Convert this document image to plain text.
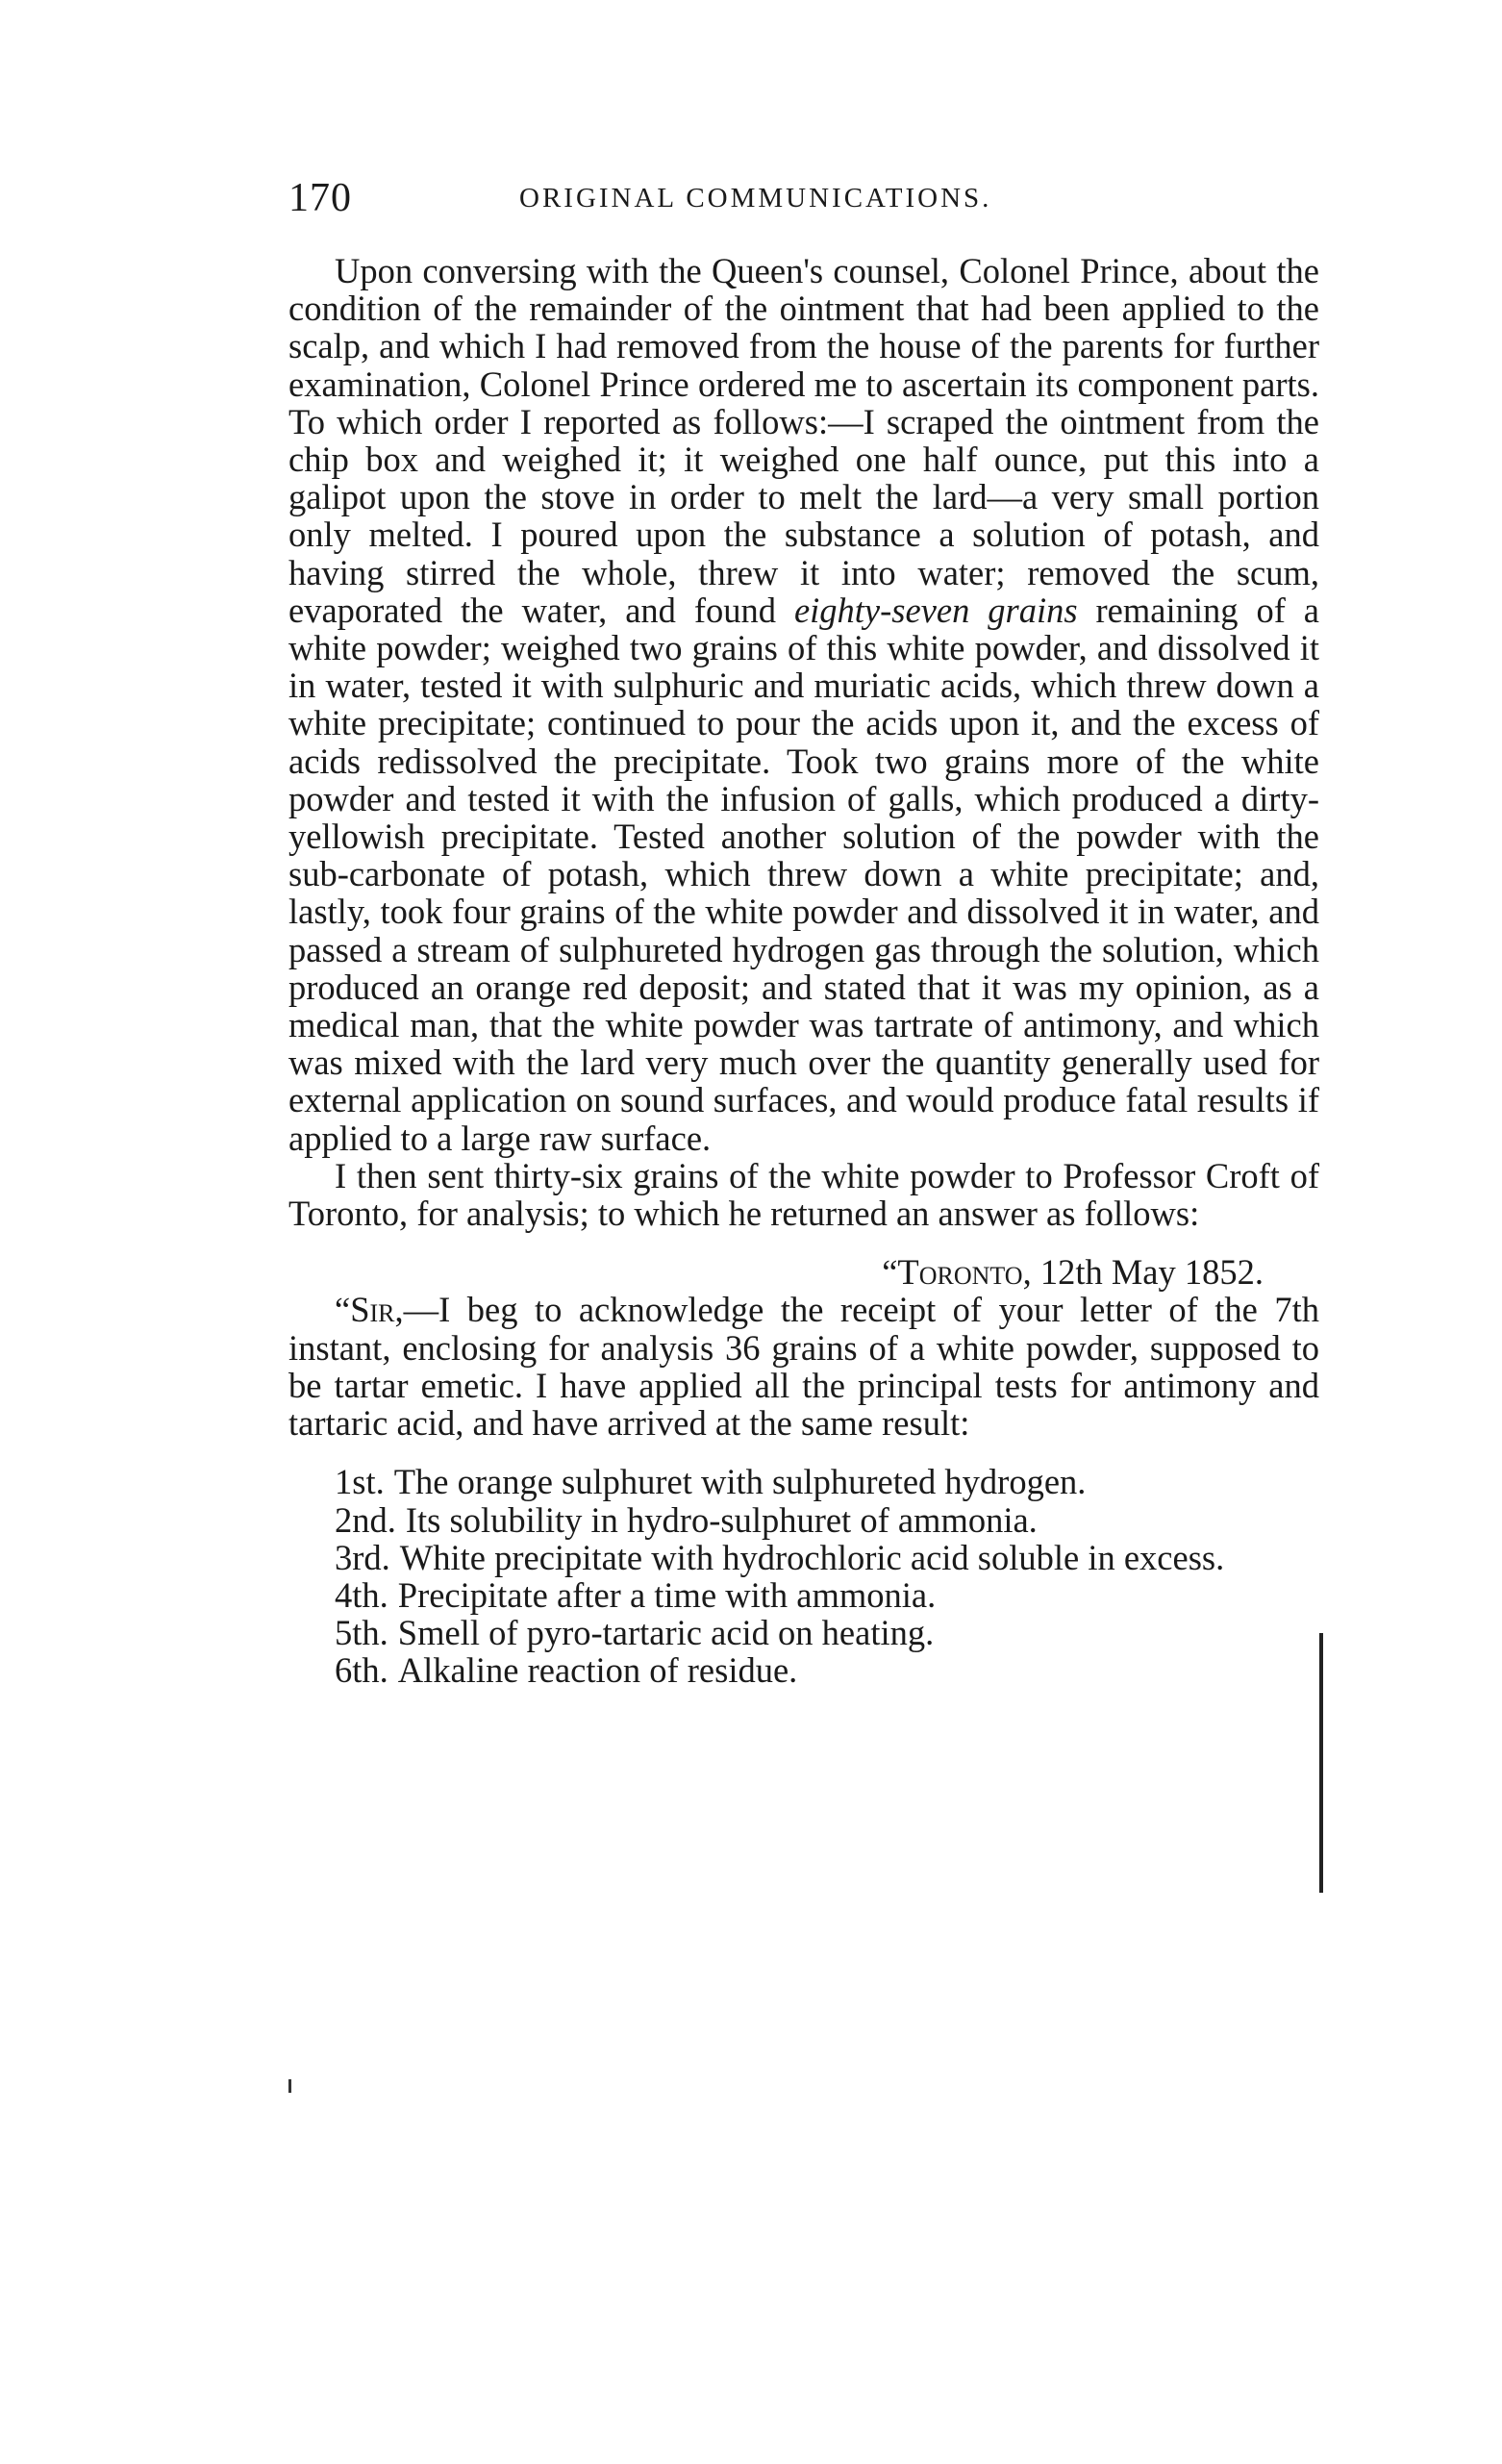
170	ORIGINAL COMMUNICATIONS.

Upon conversing with the Queen's counsel, Colonel Prince, about the condition of the remainder of the ointment that had been applied to the scalp, and which I had removed from the house of the parents for further examination, Colonel Prince ordered me to ascertain its component parts. To which order I reported as follows:—I scraped the ointment from the chip box and weighed it; it weighed one half ounce, put this into a galipot upon the stove in order to melt the lard—a very small portion only melted. I poured upon the substance a solution of potash, and having stirred the whole, threw it into water; removed the scum, evaporated the water, and found eighty-seven grains remaining of a white powder; weighed two grains of this white powder, and dissolved it in water, tested it with sulphuric and muriatic acids, which threw down a white precipitate; continued to pour the acids upon it, and the excess of acids redissolved the precipitate. Took two grains more of the white powder and tested it with the infusion of galls, which produced a dirty-yellowish precipitate. Tested another solution of the powder with the sub-carbonate of potash, which threw down a white precipitate; and, lastly, took four grains of the white powder and dissolved it in water, and passed a stream of sulphureted hydrogen gas through the solution, which produced an orange red deposit; and stated that it was my opinion, as a medical man, that the white powder was tartrate of antimony, and which was mixed with the lard very much over the quantity generally used for external application on sound surfaces, and would produce fatal results if applied to a large raw surface.

I then sent thirty-six grains of the white powder to Professor Croft of Toronto, for analysis; to which he returned an answer as follows:

“Toronto, 12th May 1852.

“Sir,—I beg to acknowledge the receipt of your letter of the 7th instant, enclosing for analysis 36 grains of a white powder, supposed to be tartar emetic. I have applied all the principal tests for antimony and tartaric acid, and have arrived at the same result:

1st. The orange sulphuret with sulphureted hydrogen.

2nd. Its solubility in hydro-sulphuret of ammonia.

3rd. White precipitate with hydrochloric acid soluble in excess.

4th. Precipitate after a time with ammonia.

5th. Smell of pyro-tartaric acid on heating.

6th. Alkaline reaction of residue.
